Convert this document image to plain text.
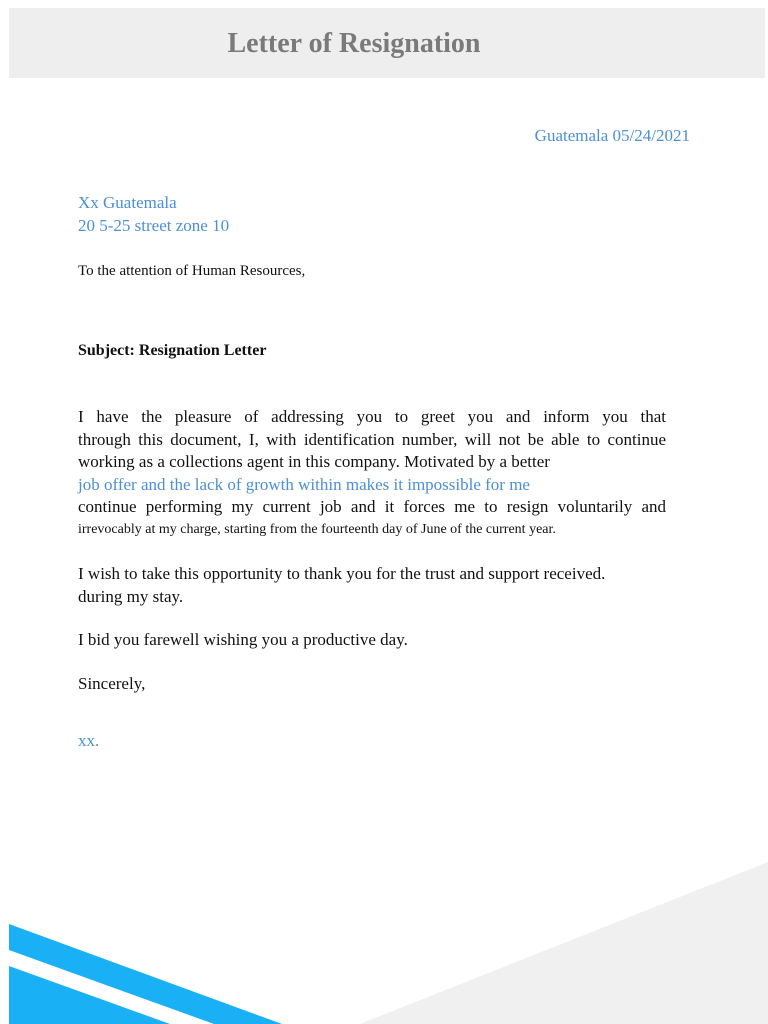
Letter of Resignation
Guatemala 05/24/2021
Xx Guatemala
20 5-25 street zone 10
To the attention of Human Resources,
Subject: Resignation Letter
I have the pleasure of addressing you to greet you and inform you that
through this document, I, with identification number, will not be able to continue
working as a collections agent in this company. Motivated by a better
job offer and the lack of growth within makes it impossible for me
continue performing my current job and it forces me to resign voluntarily and
irrevocably at my charge, starting from the fourteenth day of June of the current year.
I wish to take this opportunity to thank you for the trust and support received.
during my stay.
I bid you farewell wishing you a productive day.
Sincerely,
xx.
